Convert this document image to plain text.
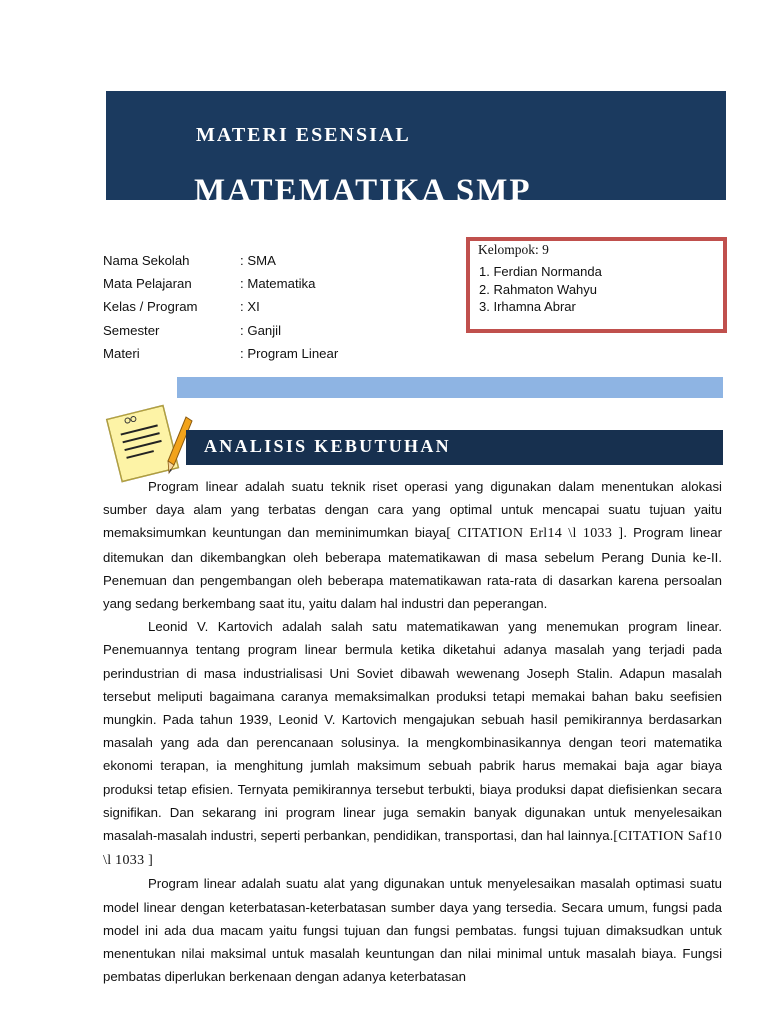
MATERI ESENSIAL
MATEMATIKA SMP
Nama Sekolah	: SMA
Mata Pelajaran	: Matematika
Kelas / Program	: XI
Semester	: Ganjil
Materi	: Program Linear
Kelompok: 9
1. Ferdian Normanda
2. Rahmaton Wahyu
3. Irhamna Abrar
ANALISIS KEBUTUHAN

Program linear adalah suatu teknik riset operasi yang digunakan dalam menentukan alokasi sumber daya alam yang terbatas dengan cara yang optimal untuk mencapai suatu tujuan yaitu memaksimumkan keuntungan dan meminimumkan biaya[ CITATION Erl14 \l 1033 ]. Program linear ditemukan dan dikembangkan oleh beberapa matematikawan di masa sebelum Perang Dunia ke-II. Penemuan dan pengembangan oleh beberapa matematikawan rata-rata di dasarkan karena persoalan yang sedang berkembang saat itu, yaitu dalam hal industri dan peperangan.

Leonid V. Kartovich adalah salah satu matematikawan yang menemukan program linear. Penemuannya tentang program linear bermula ketika diketahui adanya masalah yang terjadi pada perindustrian di masa industrialisasi Uni Soviet dibawah wewenang Joseph Stalin. Adapun masalah tersebut meliputi bagaimana caranya memaksimalkan produksi tetapi memakai bahan baku seefisien mungkin. Pada tahun 1939, Leonid V. Kartovich mengajukan sebuah hasil pemikirannya berdasarkan masalah yang ada dan perencanaan solusinya. Ia mengkombinasikannya dengan teori matematika ekonomi terapan, ia menghitung jumlah maksimum sebuah pabrik harus memakai baja agar biaya produksi tetap efisien. Ternyata pemikirannya tersebut terbukti, biaya produksi dapat diefisienkan secara signifikan. Dan sekarang ini program linear juga semakin banyak digunakan untuk menyelesaikan masalah-masalah industri, seperti perbankan, pendidikan, transportasi, dan hal lainnya.[CITATION Saf10 \l 1033 ]

Program linear adalah suatu alat yang digunakan untuk menyelesaikan masalah optimasi suatu model linear dengan keterbatasan-keterbatasan sumber daya yang tersedia. Secara umum, fungsi pada model ini ada dua macam yaitu fungsi tujuan dan fungsi pembatas. fungsi tujuan dimaksudkan untuk menentukan nilai maksimal untuk masalah keuntungan dan nilai minimal untuk masalah biaya. Fungsi pembatas diperlukan berkenaan dengan adanya keterbatasan
